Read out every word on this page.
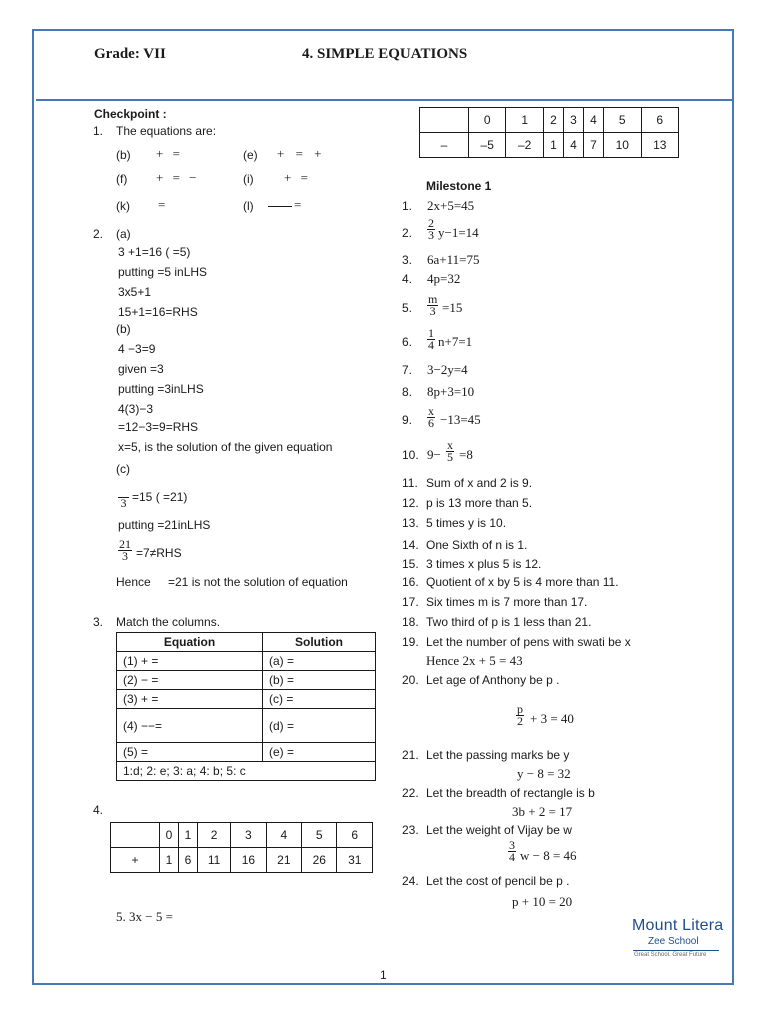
Grade: VII	4. SIMPLE EQUATIONS
Checkpoint :
1. The equations are:
(b) + =	(e) + = +
(f) + = −	(i) + =
(k) =	(l)	=
2. (a)
3 +1=16 ( =5)
putting =5 inLHS
3x5+1
15+1=16=RHS
(b)
4 −3=9
given =3
putting =3inLHS
4(3)−3
=12−3=9=RHS
x=5, is the solution of the given equation
(c)

3 =15 ( =21)
putting =21inLHS
$\frac{21}{3} =7\ne RHS$
Hence =21 is not the solution of equation
3. Match the columns.
Equation	Solution
(1) + =	(a) =
(2) − =	(b) =
(3) + =	(c) =
(4) −−=	(d) =
(5) =	(e) =
1:d; 2: e; 3: a; 4: b; 5: c	
4.
	0	1	2	3	4	5	6
+	1	6	11	16	21	26	31
5. 3x − 5 =
	0	1	2	3	4	5	6
–	–5	–2	1	4	7	10	13
Milestone 1
1. 2x+5=45
2. $\frac{2}{3} y-1=14$
3. 6a+11=75
4. 4p=32
5. $\frac{m}{3} =15$
6. $\frac{1}{4} n+7=1$
7. 3−2y=4
8. 8p+3=10
9. $\frac{x}{6} -13=45$
10. $9- \frac{x}{5} =8$
11. Sum of x and 2 is 9.
12. p is 13 more than 5.
13. 5 times y is 10.
14. One Sixth of n is 1.
15. 3 times x plus 5 is 12.
16. Quotient of x by 5 is 4 more than 11.
17. Six times m is 7 more than 17.
18. Two third of p is 1 less than 21.
19. Let the number of pens with swati be x
Hence 2x + 5 = 43
20. Let age of Anthony be p .
$\frac{p}{2} + 3 = 40$
21. Let the passing marks be y
y − 8 = 32
22. Let the breadth of rectangle is b
3b + 2 = 17
23. Let the weight of Vijay be w
$\frac{3}{4}$ w − 8 = 46
24. Let the cost of pencil be p .
p + 10 = 20
Mount Litera
Zee School
Great School. Great Future
1
